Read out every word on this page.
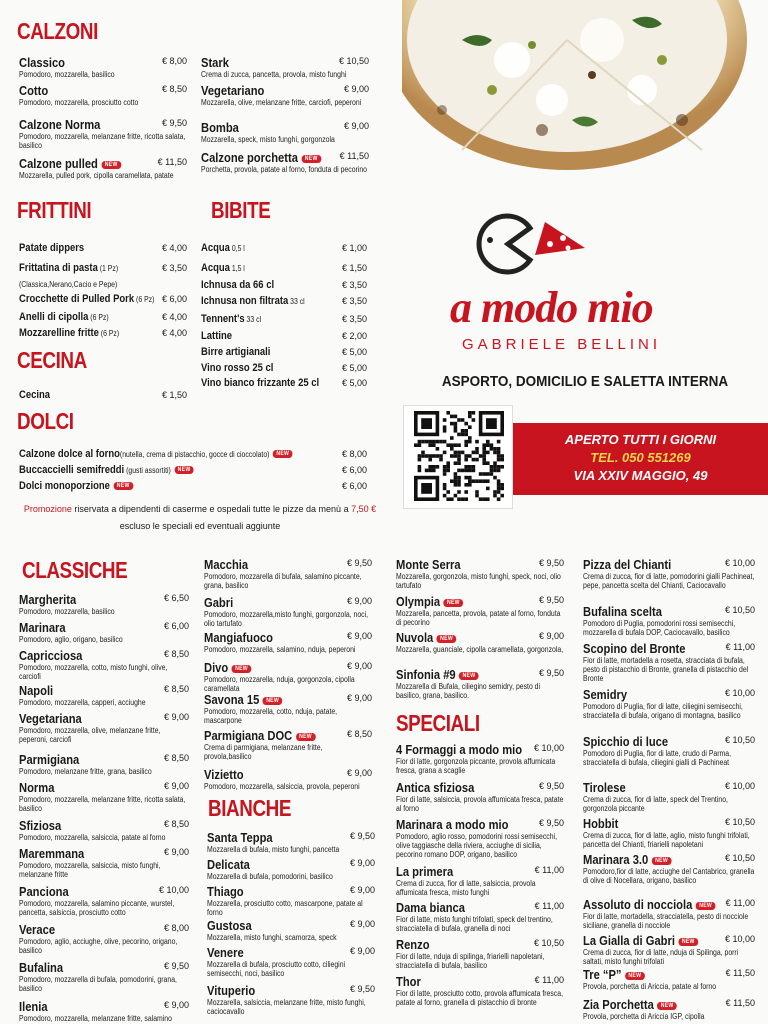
CALZONI
FRITTINI	BIBITE
CECINA
DOLCI
CLASSICHE
BIANCHE
SPECIALI
Classico	€ 8,00
Pomodoro, mozzarella, basilico
Cotto	€ 8,50
Pomodoro, mozzarella, prosciutto cotto
Calzone Norma	€ 9,50
Pomodoro, mozzarella, melanzane fritte, ricotta salata, basilico
Calzone pulled NEW	€ 11,50
Mozzarella, pulled pork, cipolla caramellata, patate
Stark	€ 10,50
Crema di zucca, pancetta, provola, misto funghi
Vegetariano	€ 9,00
Mozzarella, olive, melanzane fritte, carciofi, peperoni
Bomba	€ 9,00
Mozzarella, speck, misto funghi, gorgonzola
Calzone porchetta NEW	€ 11,50
Porchetta, provola, patate al forno, fonduta di pecorino
Patate dippers	€ 4,00
Frittatina di pasta (1 Pz)	€ 3,50
(Classica,Nerano,Cacio e Pepe)
Crocchette di Pulled Pork (6 Pz) € 6,00
Anelli di cipolla (6 Pz)	€ 4,00
Mozzarelline fritte (6 Pz)	€ 4,00
Acqua 0,5 l	€ 1,00
Acqua 1,5 l	€ 1,50
Ichnusa da 66 cl	€ 3,50
Ichnusa non filtrata 33 cl	€ 3,50
Tennent's 33 cl	€ 3,50
Lattine	€ 2,00
Birre artigianali	€ 5,00
Vino rosso 25 cl	€ 5,00
Vino bianco frizzante 25 cl	€ 5,00
Cecina	€ 1,50
Calzone dolce al forno(nutella, crema di pistacchio, gocce di cioccolato) NEW	€ 8,00
Buccaccielli semifreddi (gusti assortiti) NEW	€ 6,00
Dolci monoporzione NEW	€ 6,00
Promozione riservata a dipendenti di caserme e ospedali tutte le pizze da menù a 7,50 €
escluso le speciali ed eventuali aggiunte
a modo mio
GABRIELE BELLINI
ASPORTO, DOMICILIO E SALETTA INTERNA
APERTO TUTTI I GIORNI
TEL. 050 551269
VIA XXIV MAGGIO, 49
Margherita	€ 6,50
Pomodoro, mozzarella, basilico
Marinara	€ 6,00
Pomodoro, aglio, origano, basilico
Capricciosa	€ 8,50
Pomodoro, mozzarella, cotto, misto funghi, olive, carciofi
Napoli	€ 8,50
Pomodoro, mozzarella, capperi, acciughe
Vegetariana	€ 9,00
Pomodoro, mozzarella, olive, melanzane fritte, peperoni, carciofi
Parmigiana	€ 8,50
Pomodoro, melanzane fritte, grana, basilico
Norma	€ 9,00
Pomodoro, mozzarella, melanzane fritte, ricotta salata, basilico
Sfiziosa	€ 8,50
Pomodoro, mozzarella, salsiccia, patate al forno
Maremmana	€ 9,00
Pomodoro, mozzarella, salsiccia, misto funghi, melanzane fritte
Panciona	€ 10,00
Pomodoro, mozzarella, salamino piccante, wurstel, pancetta, salsiccia, prosciutto cotto
Verace	€ 8,00
Pomodoro, aglio, acciughe, olive, pecorino, origano, basilico
Bufalina	€ 9,50
Pomodoro, mozzarella di bufala, pomodorini, grana, basilico
Ilenia	€ 9,00
Pomodoro, mozzarella, melanzane fritte, salamino
Macchia	€ 9,50
Pomodoro, mozzarella di bufala, salamino piccante, grana, basilico
Gabri	€ 9,00
Pomodoro, mozzarella,misto funghi, gorgonzola, noci, olio tartufato
Mangiafuoco	€ 9,00
Pomodoro, mozzarella, salamino, nduja, peperoni
Divo NEW	€ 9,00
Pomodoro, mozzarella, nduja, gorgonzola, cipolla caramellata
Savona 15 NEW	€ 9,00
Pomodoro, mozzarella, cotto, nduja, patate, mascarpone
Parmigiana DOC NEW	€ 8,50
Crema di parmigiana, melanzane fritte, provola,basilico
Vizietto	€ 9,00
Pomodoro, mozzarella, salsiccia, provola, peperoni
Santa Teppa	€ 9,50
Mozzarella di bufala, misto funghi, pancetta
Delicata	€ 9,00
Mozzarella di bufala, pomodorini, basilico
Thiago	€ 9,00
Mozzarella, prosciutto cotto, mascarpone, patate al forno
Gustosa	€ 9,00
Mozzarella, misto funghi, scamorza, speck
Venere	€ 9,00
Mozzarella di bufala, prosciutto cotto, ciliegini semisecchi, noci, basilico
Vituperio	€ 9,50
Mozzarella, salsiccia, melanzane fritte, misto funghi, caciocavallo
Monte Serra	€ 9,50
Mozzarella, gorgonzola, misto funghi, speck, noci, olio tartufato
Olympia NEW	€ 9,50
Mozzarella, pancetta, provola, patate al forno, fonduta di pecorino
Nuvola NEW	€ 9,00
Mozzarella, guanciale, cipolla caramellata, gorgonzola,
Sinfonia #9 NEW	€ 9,50
Mozzarella di Bufala, ciliegino semidry, pesto di basilico, grana, basilico.
4 Formaggi a modo mio € 10,00
Fior di latte, gorgonzola piccante, provola affumicata fresca, grana a scaglie
Antica sfiziosa	€ 9,50
Fior di latte, salsiccia, provola affumicata fresca, patate al forno
Marinara a modo mio	€ 9,50
Pomodoro, aglio rosso, pomodorini rossi semisecchi, olive taggiasche della riviera, acciughe di sicilia, pecorino romano DOP, origano, basilico
La primera	€ 11,00
Crema di zucca, fior di latte, salsiccia, provola affumicata fresca, misto funghi
Dama bianca	€ 11,00
Fior di latte, misto funghi trifolati, speck del trentino, stracciatella di bufala, granella di noci
Renzo	€ 10,50
Fior di latte, nduja di spilinga, friarielli napoletani, stracciatella di bufala, basilico
Thor	€ 11,00
Fior di latte, prosciutto cotto, provola affumicata fresca, patate al forno, granella di pistacchio di bronte
Pizza del Chianti	€ 10,00
Crema di zucca, fior di latte, pomodorini gialli Pachineat, pepe, pancetta scelta del Chianti, Caciocavallo
Bufalina scelta	€ 10,50
Pomodoro di Puglia, pomodorini rossi semisecchi, mozzarella di bufala DOP, Caciocavallo, basilico
Scopino del Bronte	€ 11,00
Fior di latte, mortadella a rosetta, stracciata di bufala, pesto di pistacchio di Bronte, granella di pistacchio del Bronte
Semidry	€ 10,00
Pomodoro di Puglia, fior di latte, ciliegini semisecchi, stracciatella di bufala, origano di montagna, basilico
Spicchio di luce	€ 10,50
Pomodoro di Puglia, fior di latte, crudo di Parma, stracciatella di bufala, ciliegini gialli di Pachineat
Tirolese	€ 10,00
Crema di zucca, fior di latte, speck del Trentino, gorgonzola piccante
Hobbit	€ 10,50
Crema di zucca, fior di latte, aglio, misto funghi trifolati, pancetta del Chianti, friarielli napoletani
Marinara 3.0 NEW	€ 10,50
Pomodoro,fior di latte, acciughe del Cantabrico, granella di olive di Nocellara, origano, basilico
Assoluto di nocciola NEW	€ 11,00
Fior di latte, mortadella, stracciatella, pesto di nocciole siciliane, granella di nocciole
La Gialla di Gabri NEW	€ 10,00
Crema di zucca, fior di latte, nduja di Spilinga, porri saltati, misto funghi trifolati
Tre “P” NEW	€ 11,50
Provola, porchetta di Ariccia, patate al forno
Zia Porchetta NEW	€ 11,50
Provola, porchetta di Ariccia IGP, cipolla
